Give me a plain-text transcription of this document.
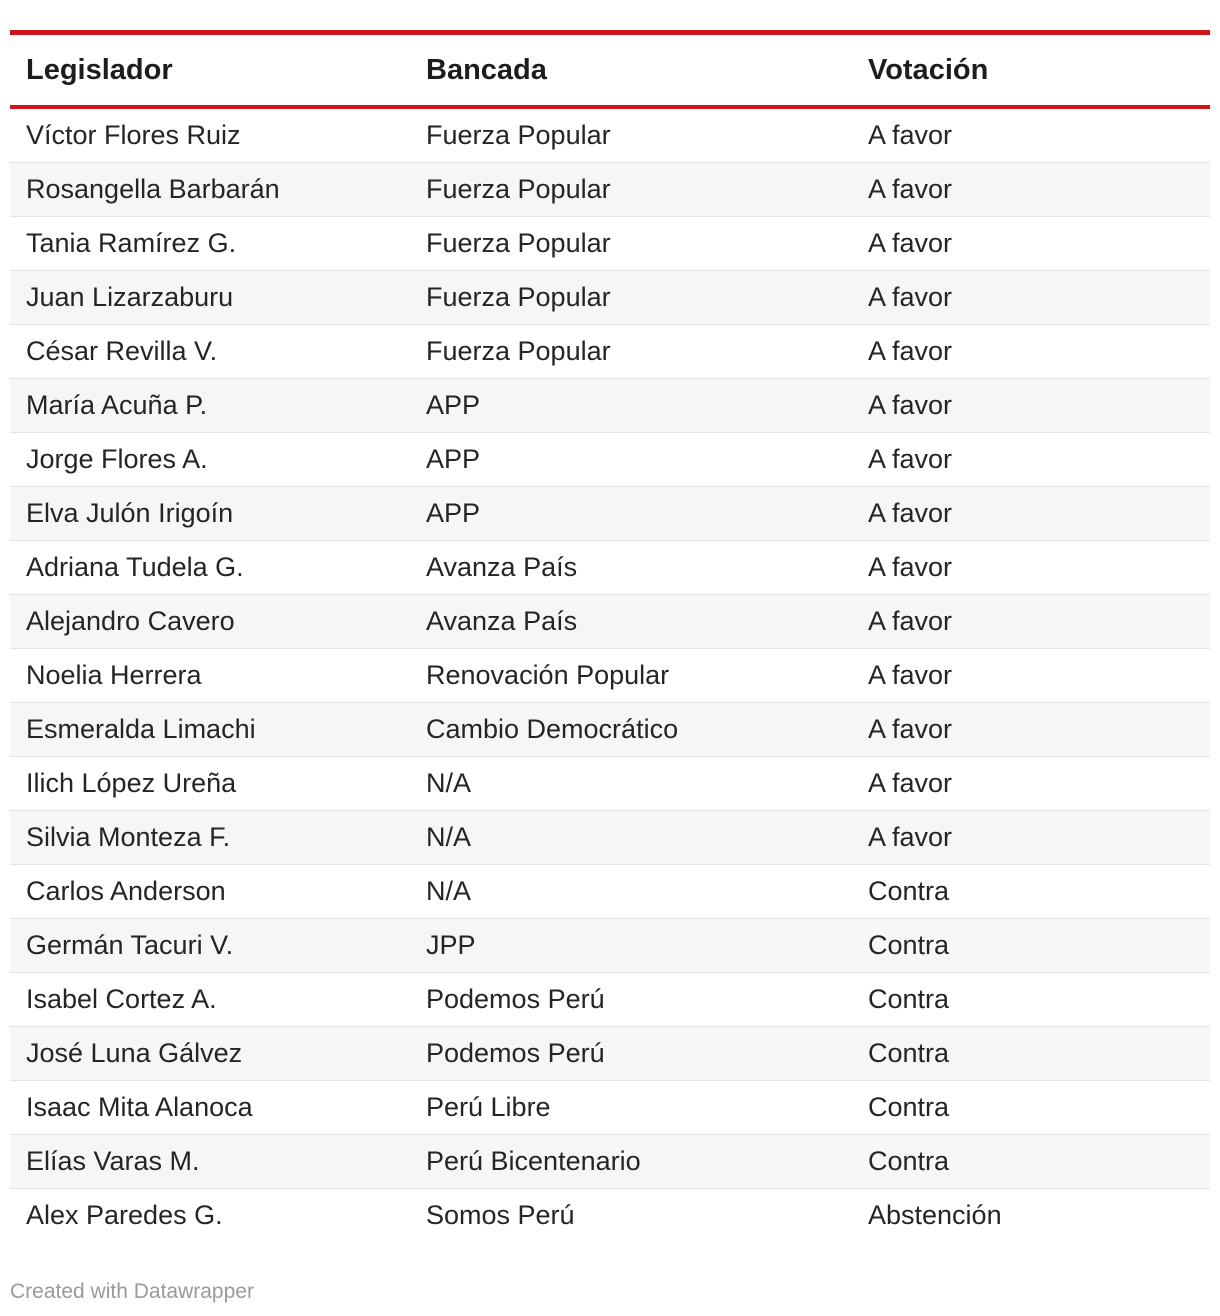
Legislador	Bancada	Votación
Víctor Flores Ruiz	Fuerza Popular	A favor
Rosangella Barbarán	Fuerza Popular	A favor
Tania Ramírez G.	Fuerza Popular	A favor
Juan Lizarzaburu	Fuerza Popular	A favor
César Revilla V.	Fuerza Popular	A favor
María Acuña P.	APP	A favor
Jorge Flores A.	APP	A favor
Elva Julón Irigoín	APP	A favor
Adriana Tudela G.	Avanza País	A favor
Alejandro Cavero	Avanza País	A favor
Noelia Herrera	Renovación Popular	A favor
Esmeralda Limachi	Cambio Democrático	A favor
Ilich López Ureña	N/A	A favor
Silvia Monteza F.	N/A	A favor
Carlos Anderson	N/A	Contra
Germán Tacuri V.	JPP	Contra
Isabel Cortez A.	Podemos Perú	Contra
José Luna Gálvez	Podemos Perú	Contra
Isaac Mita Alanoca	Perú Libre	Contra
Elías Varas M.	Perú Bicentenario	Contra
Alex Paredes G.	Somos Perú	Abstención
Created with Datawrapper
